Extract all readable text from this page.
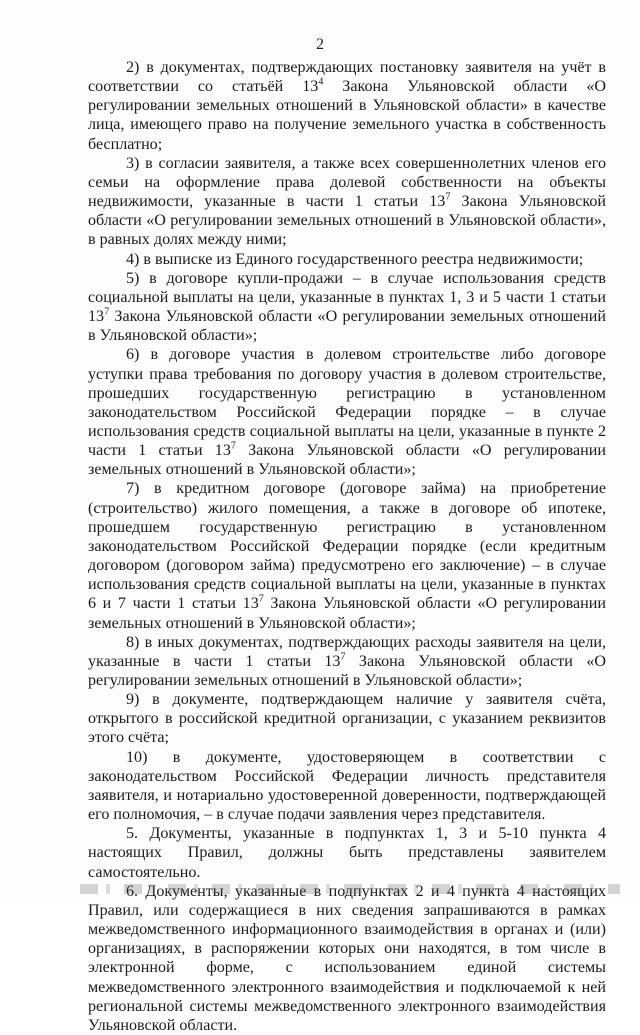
2

2) в документах, подтверждающих постановку заявителя на учёт в соответствии со статьёй $13^4$ Закона Ульяновской области «О регулировании земельных отношений в Ульяновской области» в качестве лица, имеющего право на получение земельного участка в собственность бесплатно;

3) в согласии заявителя, а также всех совершеннолетних членов его семьи на оформление права долевой собственности на объекты недвижимости, указанные в части 1 статьи $13^7$ Закона Ульяновской области «О регулировании земельных отношений в Ульяновской области», в равных долях между ними;

4) в выписке из Единого государственного реестра недвижимости;

5) в договоре купли-продажи – в случае использования средств социальной выплаты на цели, указанные в пунктах 1, 3 и 5 части 1 статьи $13^7$ Закона Ульяновской области «О регулировании земельных отношений в Ульяновской области»;

6) в договоре участия в долевом строительстве либо договоре уступки права требования по договору участия в долевом строительстве, прошедших государственную регистрацию в установленном законодательством Российской Федерации порядке – в случае использования средств социальной выплаты на цели, указанные в пункте 2 части 1 статьи $13^7$ Закона Ульяновской области «О регулировании земельных отношений в Ульяновской области»;

7) в кредитном договоре (договоре займа) на приобретение (строительство) жилого помещения, а также в договоре об ипотеке, прошедшем государственную регистрацию в установленном законодательством Российской Федерации порядке (если кредитным договором (договором займа) предусмотрено его заключение) – в случае использования средств социальной выплаты на цели, указанные в пунктах 6 и 7 части 1 статьи $13^7$ Закона Ульяновской области «О регулировании земельных отношений в Ульяновской области»;

8) в иных документах, подтверждающих расходы заявителя на цели, указанные в части 1 статьи $13^7$ Закона Ульяновской области «О регулировании земельных отношений в Ульяновской области»;

9) в документе, подтверждающем наличие у заявителя счёта, открытого в российской кредитной организации, с указанием реквизитов этого счёта;

10) в документе, удостоверяющем в соответствии с законодательством Российской Федерации личность представителя заявителя, и нотариально удостоверенной доверенности, подтверждающей его полномочия, – в случае подачи заявления через представителя.

5. Документы, указанные в подпунктах 1, 3 и 5-10 пункта 4 настоящих Правил, должны быть представлены заявителем самостоятельно.

6. Документы, указанные в подпунктах 2 и 4 пункта 4 настоящих Правил, или содержащиеся в них сведения запрашиваются в рамках межведомственного информационного взаимодействия в органах и (или) организациях, в распоряжении которых они находятся, в том числе в электронной форме, с использованием единой системы межведомственного электронного взаимодействия и подключаемой к ней региональной системы межведомственного электронного взаимодействия Ульяновской области.
